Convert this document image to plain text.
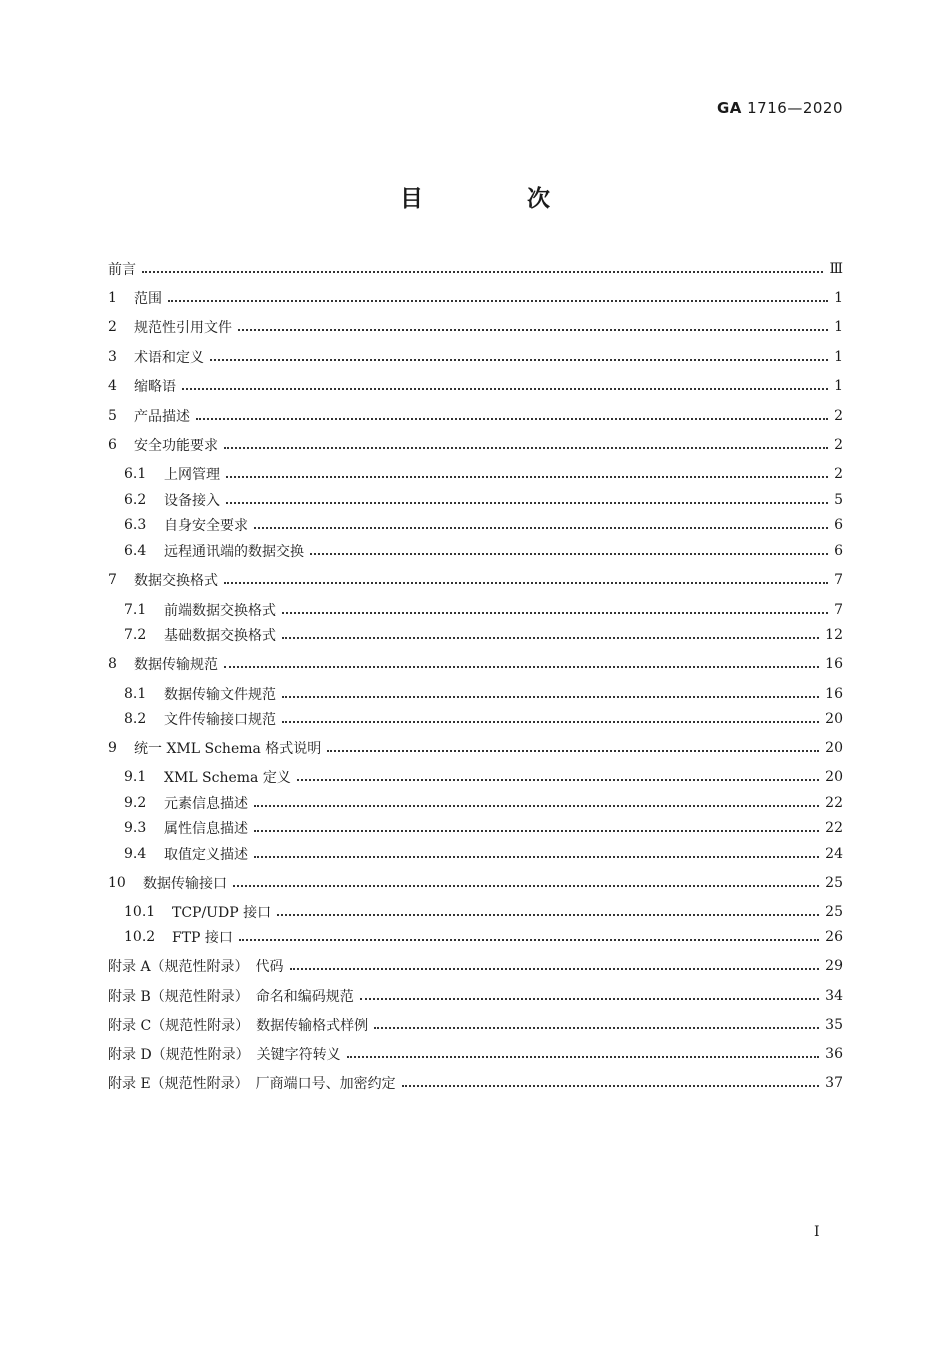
GA 1716—2020
目 次
前言	Ⅲ
1	范围	1
2	规范性引用文件	1
3	术语和定义	1
4	缩略语	1
5	产品描述	2
6	安全功能要求	2
6.1	上网管理	2
6.2	设备接入	5
6.3	自身安全要求	6
6.4	远程通讯端的数据交换	6
7	数据交换格式	7
7.1	前端数据交换格式	7
7.2	基础数据交换格式	12
8	数据传输规范	16
8.1	数据传输文件规范	16
8.2	文件传输接口规范	20
9	统一 XML Schema 格式说明	20
9.1	XML Schema 定义	20
9.2	元素信息描述	22
9.3	属性信息描述	22
9.4	取值定义描述	24
10	数据传输接口	25
10.1	TCP/UDP 接口	25
10.2	FTP 接口	26
附录 A（规范性附录）　代码	29
附录 B（规范性附录）　命名和编码规范	34
附录 C（规范性附录）　数据传输格式样例	35
附录 D（规范性附录）　关键字符转义	36
附录 E（规范性附录）　厂商端口号、加密约定	37
I
